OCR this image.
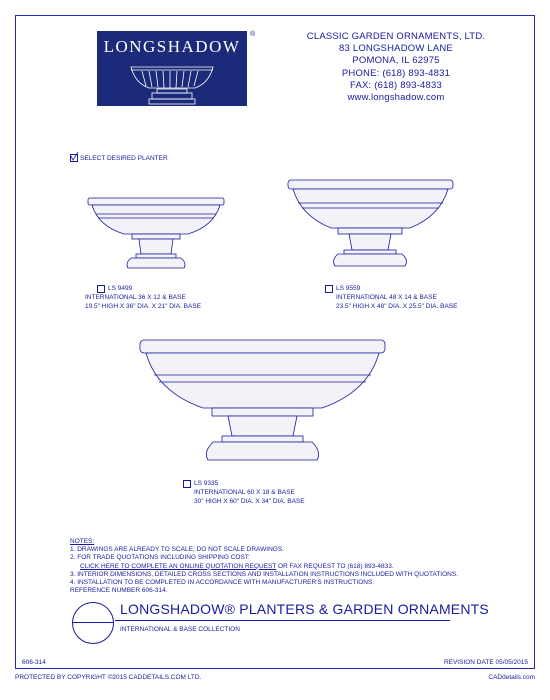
LONGSHADOW
®	CLASSIC GARDEN ORNAMENTS, LTD.
83 LONGSHADOW LANE
POMONA, IL 62975
PHONE: (618) 893-4831
FAX: (618) 893-4833
www.longshadow.com
SELECT DESIRED PLANTER
LS 9499
INTERNATIONAL 36 X 12 & BASE
19.5" HIGH X 36" DIA. X 21" DIA. BASE
LS 9559
INTERNATIONAL 48 X 14 & BASE
23.5" HIGH X 48" DIA. X 25.5" DIA. BASE
LS 9335
INTERNATIONAL 60 X 18 & BASE
30" HIGH X 60" DIA. X 34" DIA. BASE
NOTES:
1. DRAWINGS ARE ALREADY TO SCALE; DO NOT SCALE DRAWINGS.
2. FOR TRADE QUOTATIONS INCLUDING SHIPPING COST:
CLICK HERE TO COMPLETE AN ONLINE QUOTATION REQUEST OR FAX REQUEST TO (618) 893-4833.
3. INTERIOR DIMENSIONS, DETAILED CROSS SECTIONS AND INSTALLATION INSTRUCTIONS INCLUDED WITH QUOTATIONS.
4. INSTALLATION TO BE COMPLETED IN ACCORDANCE WITH MANUFACTURER'S INSTRUCTIONS.
REFERENCE NUMBER 606-314.
LONGSHADOW® PLANTERS & GARDEN ORNAMENTS
INTERNATIONAL & BASE COLLECTION
606-314	REVISION DATE 05/05/2015
PROTECTED BY COPYRIGHT ©2015 CADDETAILS.COM LTD.	CADdetails.com
